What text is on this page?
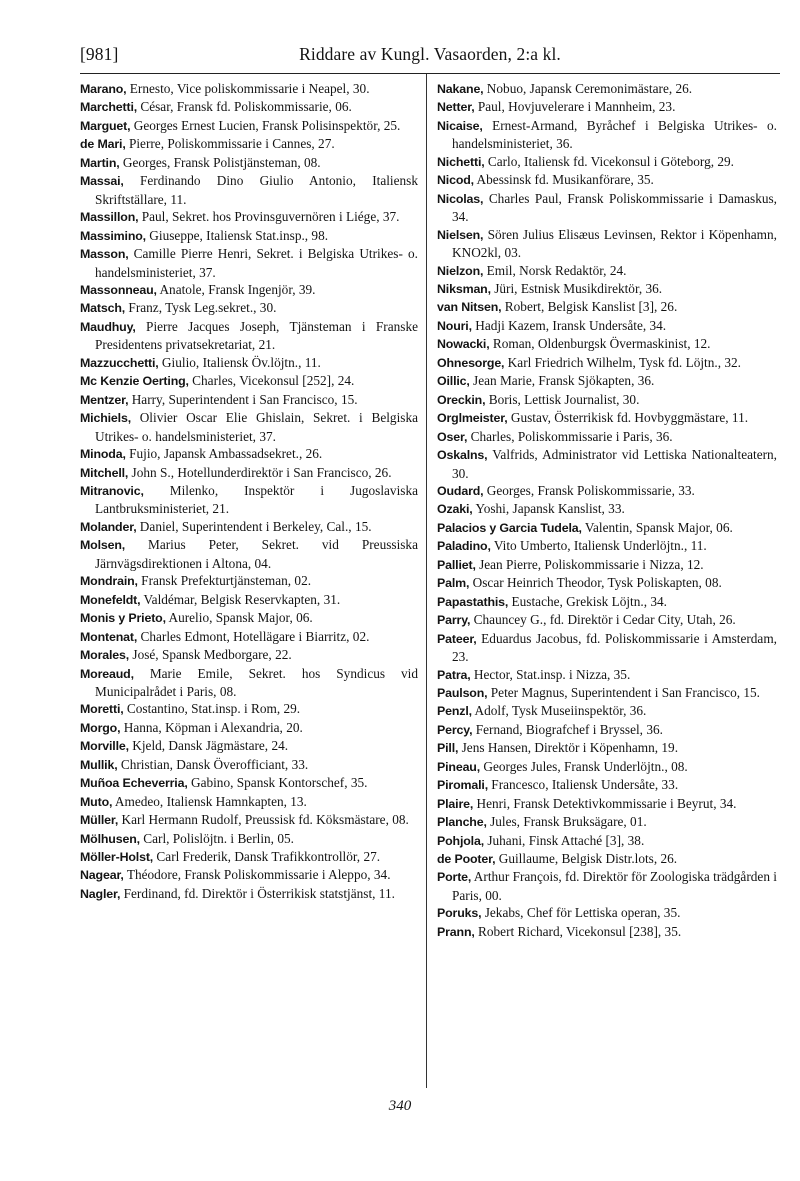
Riddare av Kungl. Vasaorden, 2:a kl.
[981]

Marano, Ernesto, Vice poliskommissarie i Neapel, 30.

Marchetti, César, Fransk fd. Poliskommissarie, 06.

Marguet, Georges Ernest Lucien, Fransk Polisinspektör, 25.

de Mari, Pierre, Poliskommissarie i Cannes, 27.

Martin, Georges, Fransk Polistjänsteman, 08.

Massai, Ferdinando Dino Giulio Antonio, Italiensk Skriftställare, 11.

Massillon, Paul, Sekret. hos Provinsguvernören i Liége, 37.

Massimino, Giuseppe, Italiensk Stat.insp., 98.

Masson, Camille Pierre Henri, Sekret. i Belgiska Utrikes- o. handelsministeriet, 37.

Massonneau, Anatole, Fransk Ingenjör, 39.

Matsch, Franz, Tysk Leg.sekret., 30.

Maudhuy, Pierre Jacques Joseph, Tjänsteman i Franske Presidentens privatsekretariat, 21.

Mazzucchetti, Giulio, Italiensk Öv.löjtn., 11.

Mc Kenzie Oerting, Charles, Vicekonsul [252], 24.

Mentzer, Harry, Superintendent i San Francisco, 15.

Michiels, Olivier Oscar Elie Ghislain, Sekret. i Belgiska Utrikes- o. handelsministeriet, 37.

Minoda, Fujio, Japansk Ambassadsekret., 26.

Mitchell, John S., Hotellunderdirektör i San Francisco, 26.

Mitranovic, Milenko, Inspektör i Jugoslaviska Lantbruksministeriet, 21.

Molander, Daniel, Superintendent i Berkeley, Cal., 15.

Molsen, Marius Peter, Sekret. vid Preussiska Järnvägsdirektionen i Altona, 04.

Mondrain, Fransk Prefekturtjänsteman, 02.

Monefeldt, Valdémar, Belgisk Reservkapten, 31.

Monis y Prieto, Aurelio, Spansk Major, 06.

Montenat, Charles Edmont, Hotellägare i Biarritz, 02.

Morales, José, Spansk Medborgare, 22.

Moreaud, Marie Emile, Sekret. hos Syndicus vid Municipalrådet i Paris, 08.

Moretti, Costantino, Stat.insp. i Rom, 29.

Morgo, Hanna, Köpman i Alexandria, 20.

Morville, Kjeld, Dansk Jägmästare, 24.

Mullik, Christian, Dansk Överofficiant, 33.

Muñoa Echeverria, Gabino, Spansk Kontorschef, 35.

Muto, Amedeo, Italiensk Hamnkapten, 13.

Müller, Karl Hermann Rudolf, Preussisk fd. Köksmästare, 08.

Mölhusen, Carl, Polislöjtn. i Berlin, 05.

Möller-Holst, Carl Frederik, Dansk Trafikkontrollör, 27.

Nagear, Théodore, Fransk Poliskommissarie i Aleppo, 34.

Nagler, Ferdinand, fd. Direktör i Österrikisk statstjänst, 11.

Nakane, Nobuo, Japansk Ceremonimästare, 26.

Netter, Paul, Hovjuvelerare i Mannheim, 23.

Nicaise, Ernest-Armand, Byråchef i Belgiska Utrikes- o. handelsministeriet, 36.

Nichetti, Carlo, Italiensk fd. Vicekonsul i Göteborg, 29.

Nicod, Abessinsk fd. Musikanförare, 35.

Nicolas, Charles Paul, Fransk Poliskommissarie i Damaskus, 34.

Nielsen, Sören Julius Elisæus Levinsen, Rektor i Köpenhamn, KNO2kl, 03.

Nielzon, Emil, Norsk Redaktör, 24.

Niksman, Jüri, Estnisk Musikdirektör, 36.

van Nitsen, Robert, Belgisk Kanslist [3], 26.

Nouri, Hadji Kazem, Iransk Undersåte, 34.

Nowacki, Roman, Oldenburgsk Övermaskinist, 12.

Ohnesorge, Karl Friedrich Wilhelm, Tysk fd. Löjtn., 32.

Oillic, Jean Marie, Fransk Sjökapten, 36.

Oreckin, Boris, Lettisk Journalist, 30.

Orglmeister, Gustav, Österrikisk fd. Hovbyggmästare, 11.

Oser, Charles, Poliskommissarie i Paris, 36.

Oskalns, Valfrids, Administrator vid Lettiska Nationalteatern, 30.

Oudard, Georges, Fransk Poliskommissarie, 33.

Ozaki, Yoshi, Japansk Kanslist, 33.

Palacios y Garcia Tudela, Valentin, Spansk Major, 06.

Paladino, Vito Umberto, Italiensk Underlöjtn., 11.

Palliet, Jean Pierre, Poliskommissarie i Nizza, 12.

Palm, Oscar Heinrich Theodor, Tysk Poliskapten, 08.

Papastathis, Eustache, Grekisk Löjtn., 34.

Parry, Chauncey G., fd. Direktör i Cedar City, Utah, 26.

Pateer, Eduardus Jacobus, fd. Poliskommissarie i Amsterdam, 23.

Patra, Hector, Stat.insp. i Nizza, 35.

Paulson, Peter Magnus, Superintendent i San Francisco, 15.

Penzl, Adolf, Tysk Museiinspektör, 36.

Percy, Fernand, Biografchef i Bryssel, 36.

Pill, Jens Hansen, Direktör i Köpenhamn, 19.

Pineau, Georges Jules, Fransk Underlöjtn., 08.

Piromali, Francesco, Italiensk Undersåte, 33.

Plaire, Henri, Fransk Detektivkommissarie i Beyrut, 34.

Planche, Jules, Fransk Bruksägare, 01.

Pohjola, Juhani, Finsk Attaché [3], 38.

de Pooter, Guillaume, Belgisk Distr.lots, 26.

Porte, Arthur François, fd. Direktör för Zoologiska trädgården i Paris, 00.

Poruks, Jekabs, Chef för Lettiska operan, 35.

Prann, Robert Richard, Vicekonsul [238], 35.

340
